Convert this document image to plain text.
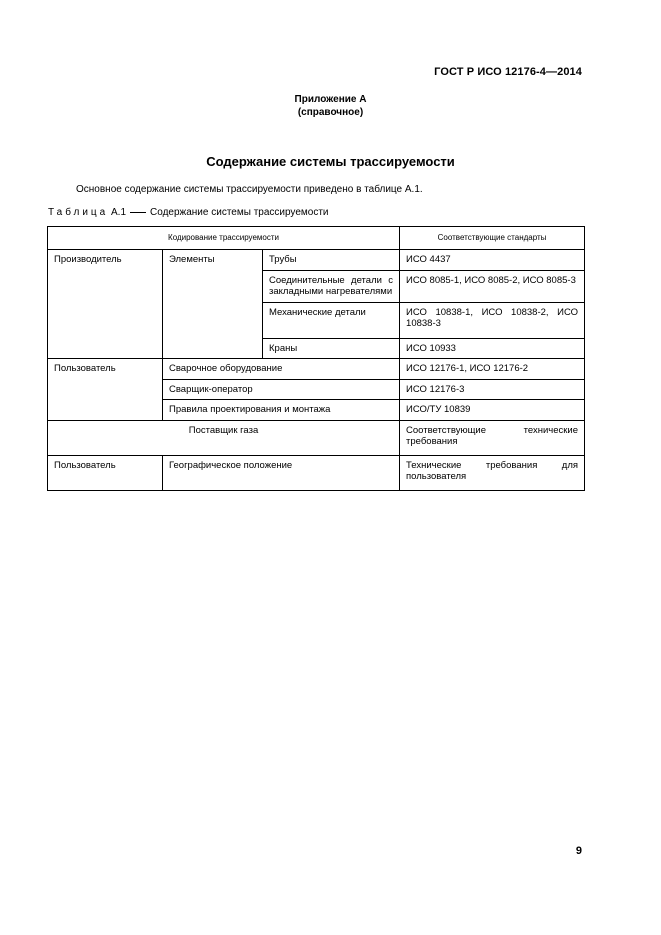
ГОСТ Р ИСО 12176-4—2014
Приложение А
(справочное)
Содержание системы трассируемости
Основное содержание системы трассируемости приведено в таблице А.1.
Таблица А.1 Содержание системы трассируемости
Кодирование трассируемости			Соответствующие стандарты
Производитель	Элементы	Трубы	ИСО 4437
		Соединительные детали с закладными нагревателями	ИСО 8085-1, ИСО 8085-2, ИСО 8085-3
		Механические детали	ИСО 10838-1, ИСО 10838-2, ИСО 10838-3
		Краны	ИСО 10933
Пользователь	Сварочное оборудование		ИСО 12176-1, ИСО 12176-2
	Сварщик-оператор		ИСО 12176-3
	Правила проектирования и монтажа		ИСО/ТУ 10839
Поставщик газа			Соответствующие технические требования
Пользователь	Географическое положение		Технические требования для пользователя
9
